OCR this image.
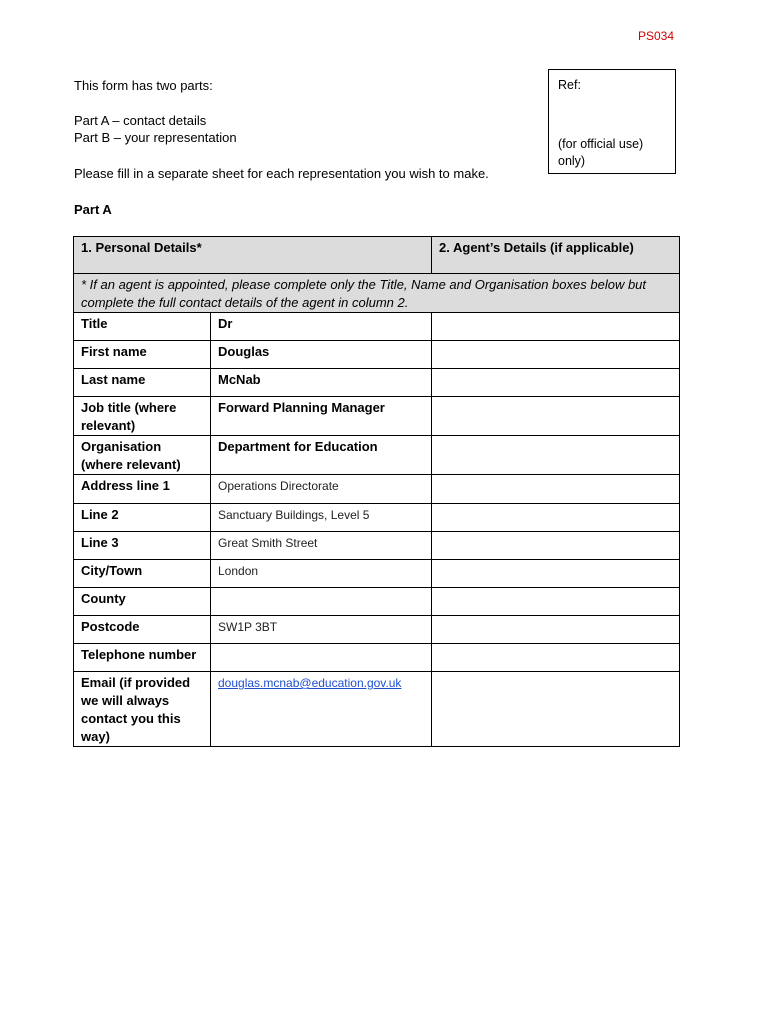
PS034
Ref:
(for official use) only)
This form has two parts:
Part A – contact details
Part B – your representation
Please fill in a separate sheet for each representation you wish to make.
Part A
1. Personal Details*		2. Agent’s Details (if applicable)
* If an agent is appointed, please complete only the Title, Name and Organisation boxes below but complete the full contact details of the agent in column 2.		
Title	Dr	
First name	Douglas	
Last name	McNab	
Job title (where relevant)	Forward Planning Manager	
Organisation (where relevant)	Department for Education	
Address line 1	Operations Directorate	
Line 2	Sanctuary Buildings, Level 5	
Line 3	Great Smith Street	
City/Town	London	
County		
Postcode	SW1P 3BT	
Telephone number		
Email (if provided we will always contact you this way)	douglas.mcnab@education.gov.uk	
